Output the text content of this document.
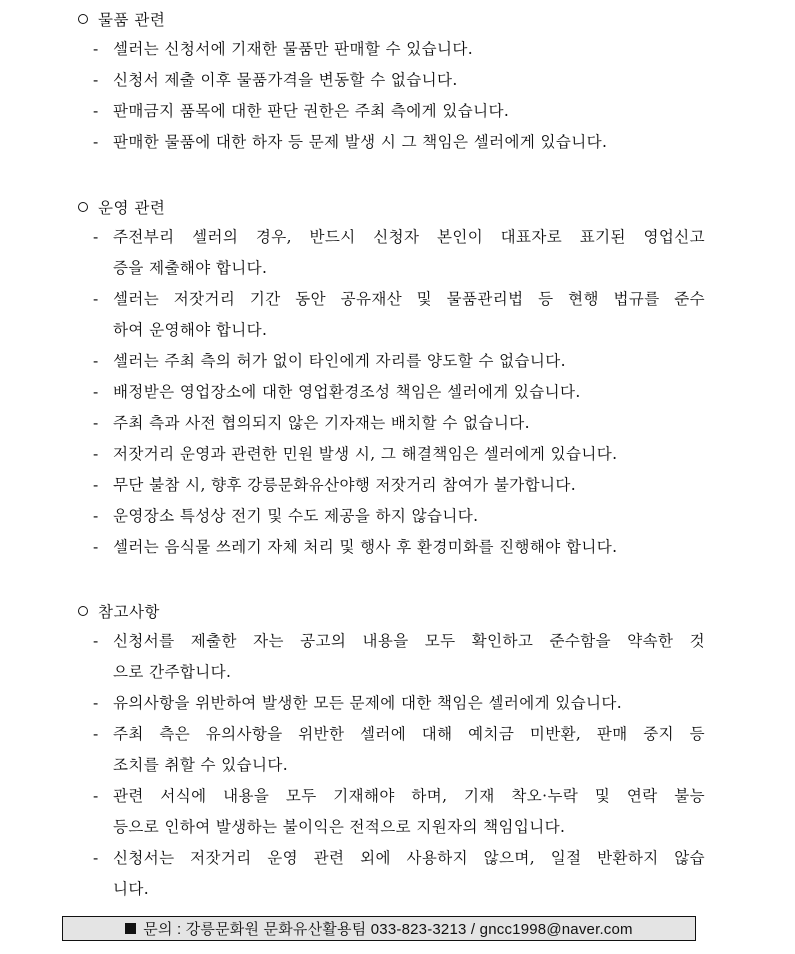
물품 관련
- 셀러는 신청서에 기재한 물품만 판매할 수 있습니다.
- 신청서 제출 이후 물품가격을 변동할 수 없습니다.
- 판매금지 품목에 대한 판단 권한은 주최 측에게 있습니다.
- 판매한 물품에 대한 하자 등 문제 발생 시 그 책임은 셀러에게 있습니다.
운영 관련
- 주전부리 셀러의 경우, 반드시 신청자 본인이 대표자로 표기된 영업신고
증을 제출해야 합니다.
- 셀러는 저잣거리 기간 동안 공유재산 및 물품관리법 등 현행 법규를 준수
하여 운영해야 합니다.
- 셀러는 주최 측의 허가 없이 타인에게 자리를 양도할 수 없습니다.
- 배정받은 영업장소에 대한 영업환경조성 책임은 셀러에게 있습니다.
- 주최 측과 사전 협의되지 않은 기자재는 배치할 수 없습니다.
- 저잣거리 운영과 관련한 민원 발생 시, 그 해결책임은 셀러에게 있습니다.
- 무단 불참 시, 향후 강릉문화유산야행 저잣거리 참여가 불가합니다.
- 운영장소 특성상 전기 및 수도 제공을 하지 않습니다.
- 셀러는 음식물 쓰레기 자체 처리 및 행사 후 환경미화를 진행해야 합니다.
참고사항
- 신청서를 제출한 자는 공고의 내용을 모두 확인하고 준수함을 약속한 것
으로 간주합니다.
- 유의사항을 위반하여 발생한 모든 문제에 대한 책임은 셀러에게 있습니다.
- 주최 측은 유의사항을 위반한 셀러에 대해 예치금 미반환, 판매 중지 등
조치를 취할 수 있습니다.
- 관련 서식에 내용을 모두 기재해야 하며, 기재 착오·누락 및 연락 불능
등으로 인하여 발생하는 불이익은 전적으로 지원자의 책임입니다.
- 신청서는 저잣거리 운영 관련 외에 사용하지 않으며, 일절 반환하지 않습
니다.
문의 : 강릉문화원 문화유산활용팀 033-823-3213 / gncc1998@naver.com
